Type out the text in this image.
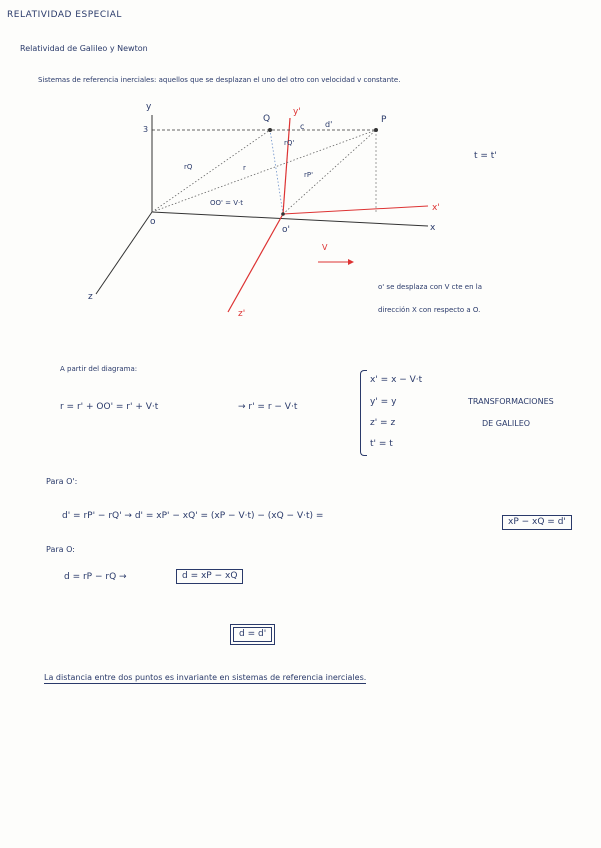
RELATIVIDAD ESPECIAL
Relatividad de Galileo y Newton
Sistemas de referencia inerciales: aquellos que se desplazan el uno del otro con velocidad v constante.
y	y'
x
x'
z
z'
o
o'
Q	P
3	c	d'
rQ	r
rQ'
rP'
OO' = V·t
V
t = t'
o' se desplaza con V cte en la
dirección X con respecto a O.
A partir del diagrama:
r = r' + OO' = r' + V·t	→ r' = r − V·t
x' = x − V·t
y' = y
z' = z
t' = t
TRANSFORMACIONES
DE GALILEO
Para O':
d' = rP' − rQ' → d' = xP' − xQ' = (xP − V·t) − (xQ − V·t) =
xP − xQ = d'
Para O:
d = rP − rQ →	d = xP − xQ
d = d'
La distancia entre dos puntos es invariante en sistemas de referencia inerciales.
